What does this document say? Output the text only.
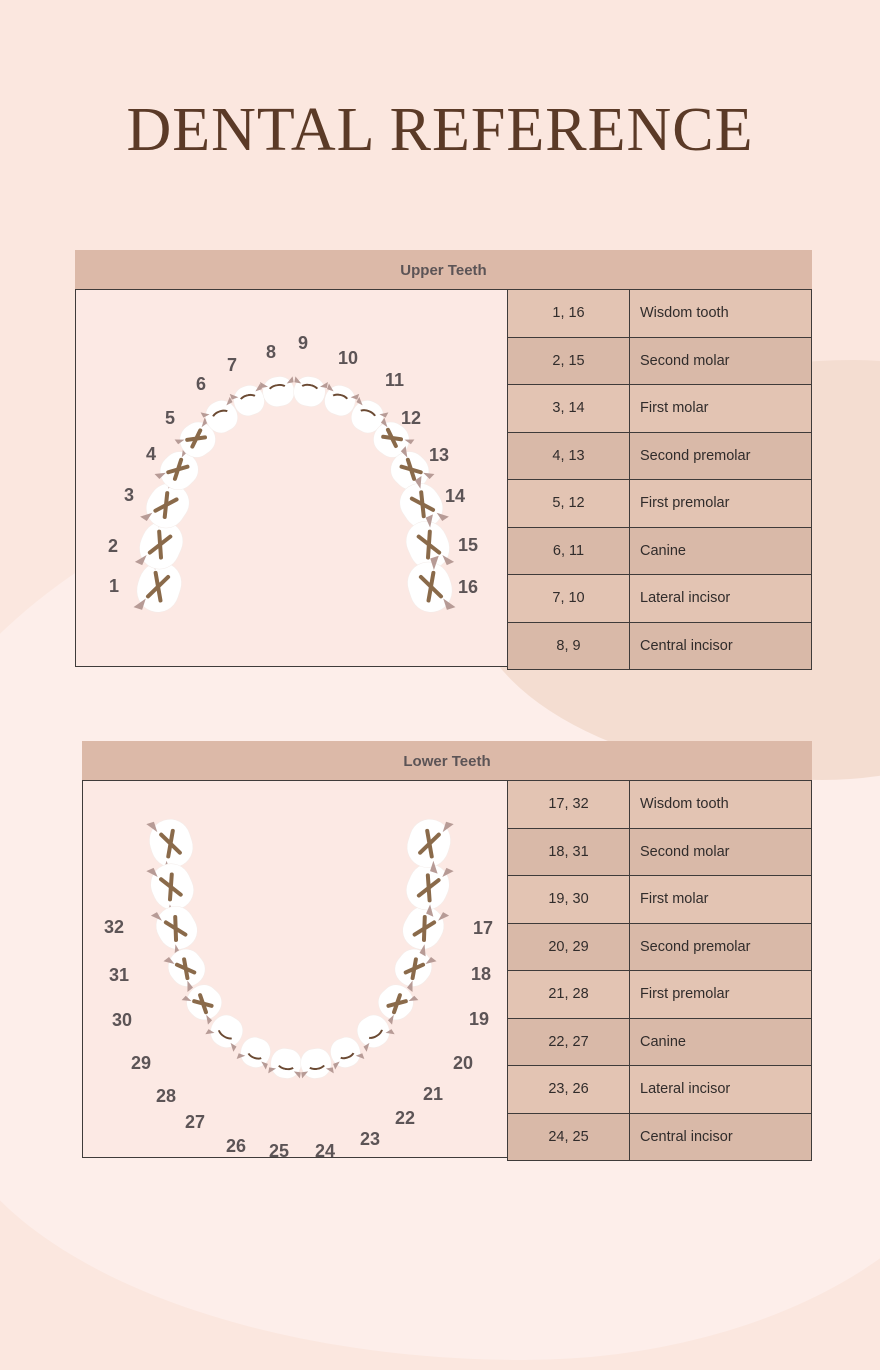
DENTAL REFERENCE
Upper Teeth
1
2
3
4
5
6
7
8 9
10
11
12
13
14
15
16
1, 16	Wisdom tooth
2, 15	Second molar
3, 14	First molar
4, 13	Second premolar
5, 12	First premolar
6, 11	Canine
7, 10	Lateral incisor
8, 9	Central incisor
Lower Teeth
32
31
30
29
28
27
26 25 24
23
22
21
20
19
18
17
17, 32	Wisdom tooth
18, 31	Second molar
19, 30	First molar
20, 29	Second premolar
21, 28	First premolar
22, 27	Canine
23, 26	Lateral incisor
24, 25	Central incisor
